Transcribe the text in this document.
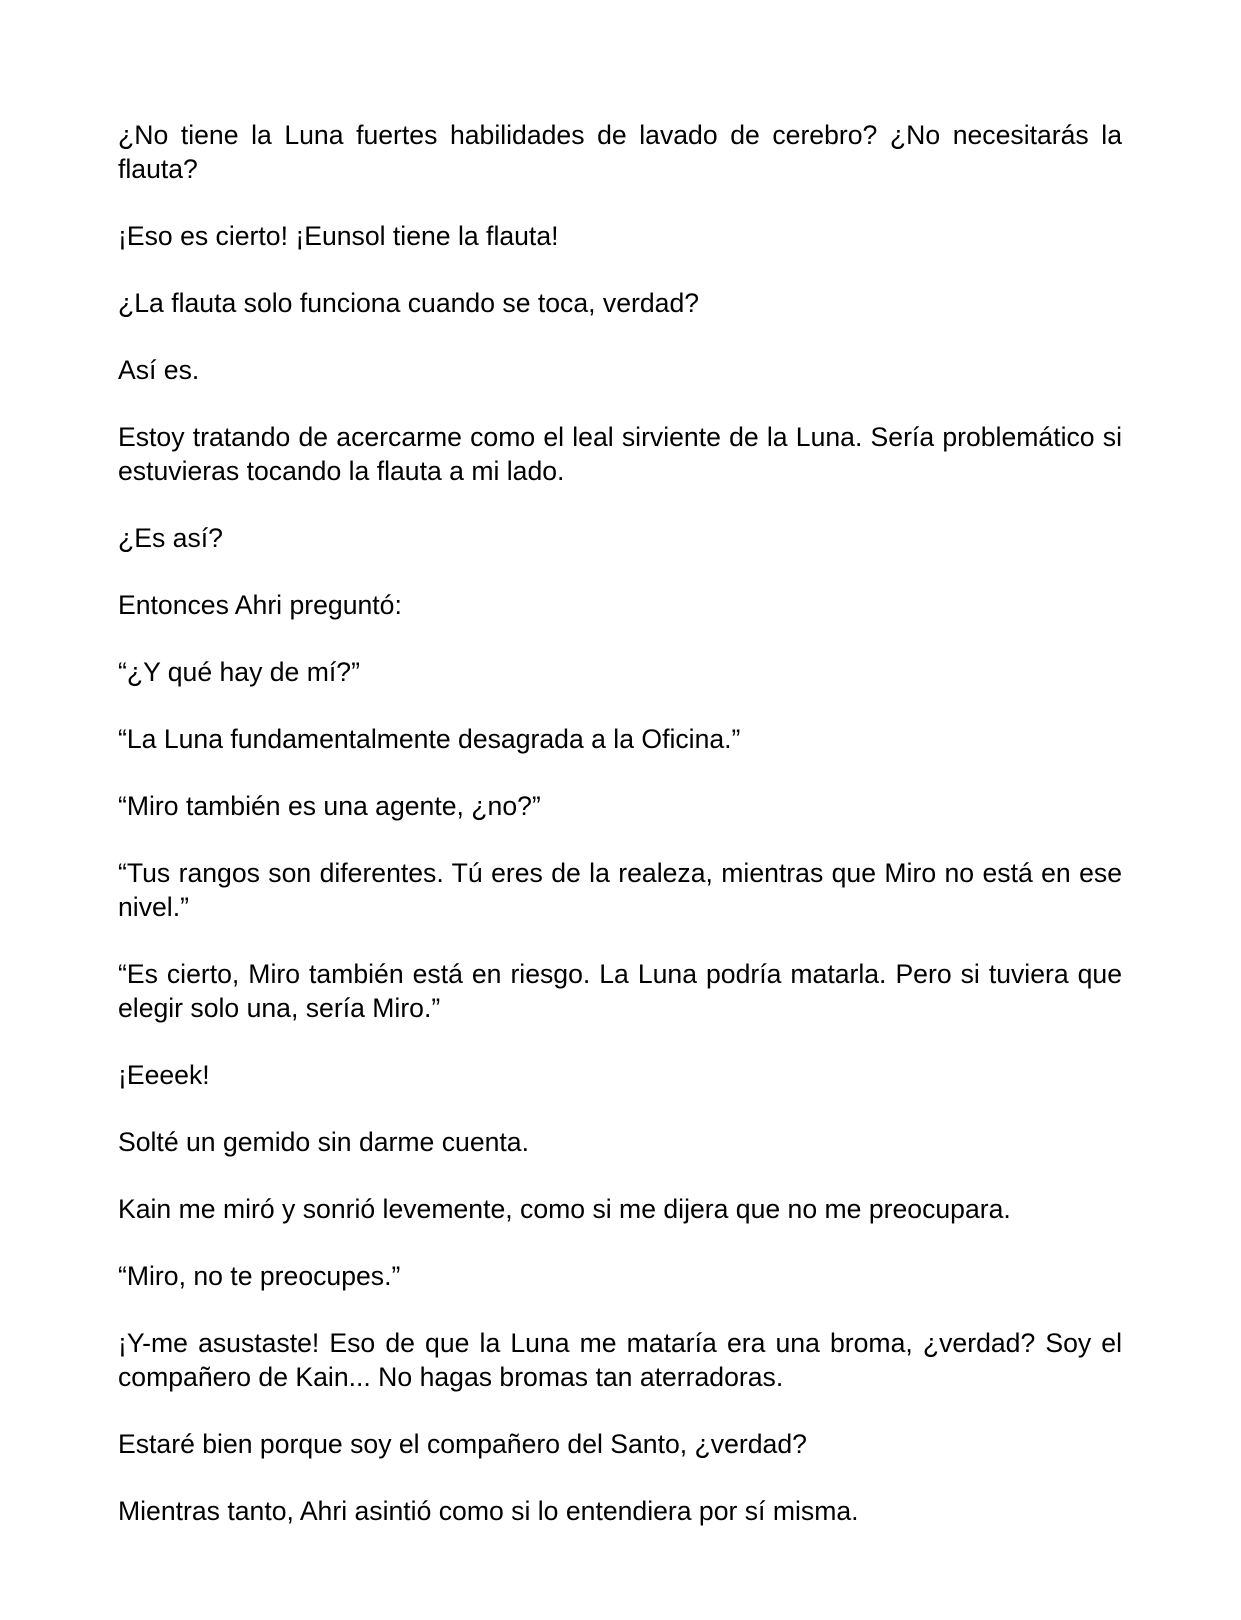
¿No tiene la Luna fuertes habilidades de lavado de cerebro? ¿No necesitarás la flauta?

¡Eso es cierto! ¡Eunsol tiene la flauta!

¿La flauta solo funciona cuando se toca, verdad?

Así es.

Estoy tratando de acercarme como el leal sirviente de la Luna. Sería problemático si estuvieras tocando la flauta a mi lado.

¿Es así?

Entonces Ahri preguntó:

“¿Y qué hay de mí?”

“La Luna fundamentalmente desagrada a la Oficina.”

“Miro también es una agente, ¿no?”

“Tus rangos son diferentes. Tú eres de la realeza, mientras que Miro no está en ese nivel.”

“Es cierto, Miro también está en riesgo. La Luna podría matarla. Pero si tuviera que elegir solo una, sería Miro.”

¡Eeeek!

Solté un gemido sin darme cuenta.

Kain me miró y sonrió levemente, como si me dijera que no me preocupara.

“Miro, no te preocupes.”

¡Y-me asustaste! Eso de que la Luna me mataría era una broma, ¿verdad? Soy el compañero de Kain... No hagas bromas tan aterradoras.

Estaré bien porque soy el compañero del Santo, ¿verdad?

Mientras tanto, Ahri asintió como si lo entendiera por sí misma.
